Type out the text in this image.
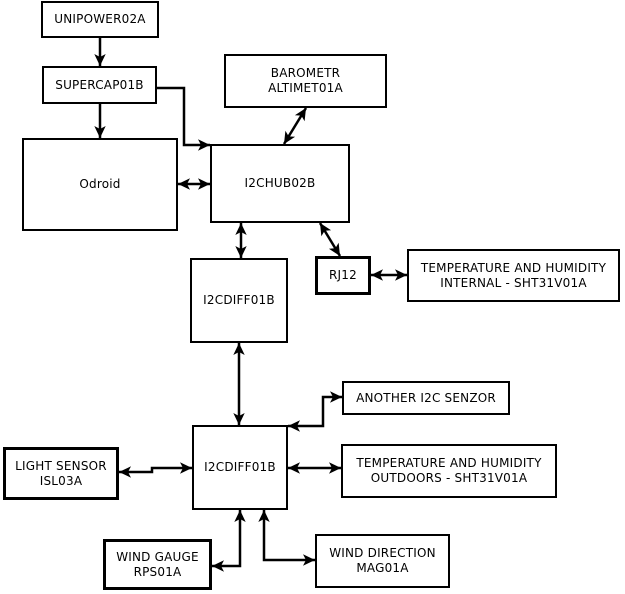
UNIPOWER02A
SUPERCAP01B
Odroid
BAROMETR
ALTIMET01A
I2CHUB02B
RJ12
TEMPERATURE AND HUMIDITY
INTERNAL - SHT31V01A
I2CDIFF01B
I2CDIFF01B
ANOTHER I2C SENZOR
LIGHT SENSOR
ISL03A
TEMPERATURE AND HUMIDITY
OUTDOORS - SHT31V01A
WIND GAUGE
RPS01A
WIND DIRECTION
MAG01A
